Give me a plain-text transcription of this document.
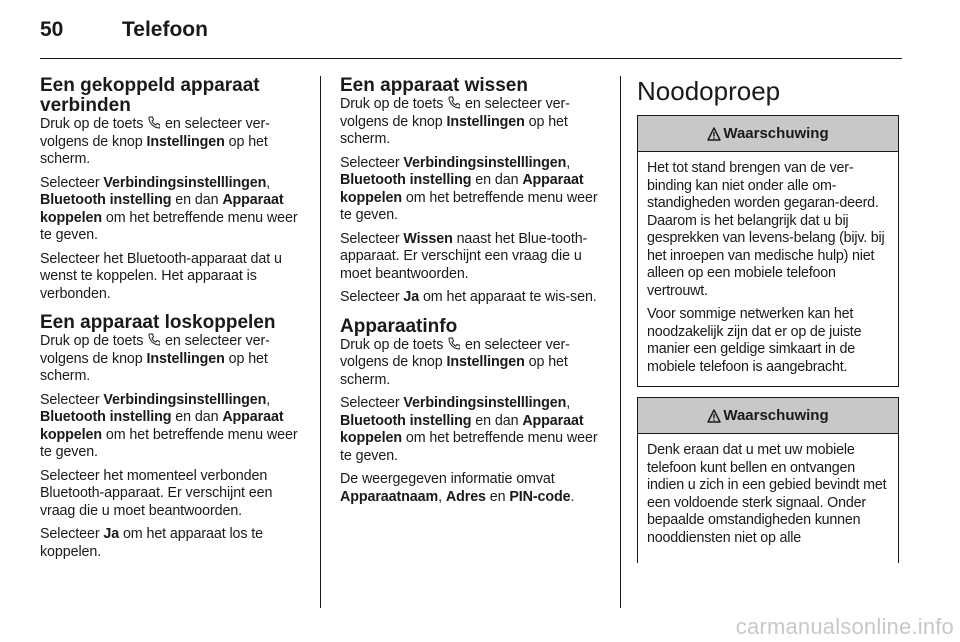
50	Telefoon
Een gekoppeld apparaat verbinden

Druk op de toets  en selecteer ver-volgens de knop Instellingen op het scherm.

Selecteer Verbindingsinstelllingen, Bluetooth instelling en dan Apparaat koppelen om het betreffende menu weer te geven.

Selecteer het Bluetooth-apparaat dat u wenst te koppelen. Het apparaat is verbonden.

Een apparaat loskoppelen

Druk op de toets  en selecteer ver-volgens de knop Instellingen op het scherm.

Selecteer Verbindingsinstelllingen, Bluetooth instelling en dan Apparaat koppelen om het betreffende menu weer te geven.

Selecteer het momenteel verbonden Bluetooth-apparaat. Er verschijnt een vraag die u moet beantwoorden.

Selecteer Ja om het apparaat los te koppelen.

Een apparaat wissen

Druk op de toets  en selecteer ver-volgens de knop Instellingen op het scherm.

Selecteer Verbindingsinstelllingen, Bluetooth instelling en dan Apparaat koppelen om het betreffende menu weer te geven.

Selecteer Wissen naast het Blue-tooth-apparaat. Er verschijnt een vraag die u moet beantwoorden.

Selecteer Ja om het apparaat te wis-sen.

Apparaatinfo

Druk op de toets  en selecteer ver-volgens de knop Instellingen op het scherm.

Selecteer Verbindingsinstelllingen, Bluetooth instelling en dan Apparaat koppelen om het betreffende menu weer te geven.

De weergegeven informatie omvat Apparaatnaam, Adres en PIN-code.

Noodoproep
Waarschuwing

Het tot stand brengen van de ver-binding kan niet onder alle om-standigheden worden gegaran-deerd. Daarom is het belangrijk dat u bij gesprekken van levens-belang (bijv. bij het inroepen van medische hulp) niet alleen op een mobiele telefoon vertrouwt.

Voor sommige netwerken kan het noodzakelijk zijn dat er op de juiste manier een geldige simkaart in de mobiele telefoon is aangebracht.

Waarschuwing

Denk eraan dat u met uw mobiele telefoon kunt bellen en ontvangen indien u zich in een gebied bevindt met een voldoende sterk signaal. Onder bepaalde omstandigheden kunnen nooddiensten niet op alle

carmanualsonline.info
